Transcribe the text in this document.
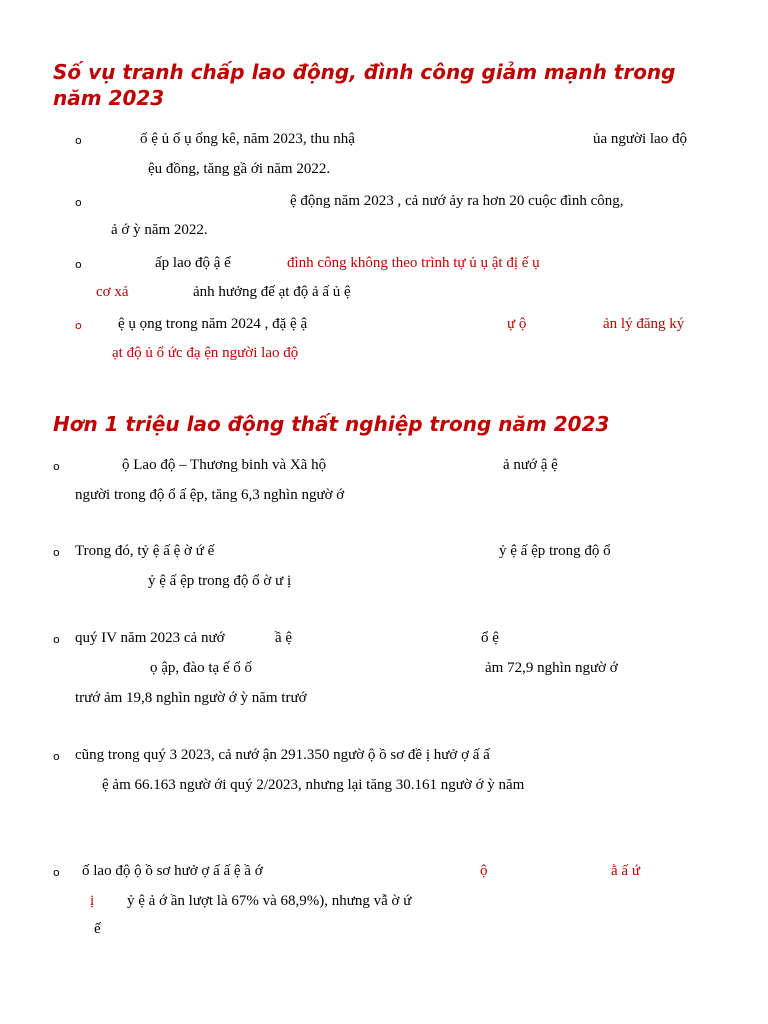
Số vụ tranh chấp lao động, đình công giảm mạnh trong
năm 2023
o	ố ệ ủ ổ ụ ống kê, năm 2023, thu nhậ	ủa người lao độ

ệu đồng, tăng gầ ới năm 2022.

o	ệ động năm 2023 , cả nướ ảy ra hơn 20 cuộc đình công,

ả ớ ỳ năm 2022.

o	ấp lao độ ậ ể	đình công không theo trình tự ủ ụ ật đị ế ụ

cơ xả	ảnh hưởng đế ạt độ ả ấ ủ ệ

o ệ ụ ọng trong năm 2024 , đặ ệ ậ	ự ộ	ản lý đăng ký

ạt độ ủ ổ ức đạ ện người lao độ

Hơn 1 triệu lao động thất nghiệp trong năm 2023
o	ộ Lao độ – Thương binh và Xã hộ	ả nướ ậ ệ

người trong độ ổ ấ ệp, tăng 6,3 nghìn ngườ ớ

o Trong đó, tỷ ệ ấ ệ ờ ứ ế	ỷ ệ ấ ệp trong độ ổ

ỷ ệ ấ ệp trong độ ổ ờ ư ị

o quý IV năm 2023 cả nướ	ầ ệ	ổ ệ

ọ ập, đào tạ ế ổ ố	ảm 72,9 nghìn ngườ ớ

trướ ảm 19,8 nghìn ngườ ớ ỳ năm trướ

o cũng trong quý 3 2023, cả nướ ận 291.350 ngườ ộ ồ sơ đề ị hưở ợ ấ ấ

ệ ảm 66.163 ngườ ới quý 2/2023, nhưng lại tăng 30.161 ngườ ớ ỳ năm

o ố lao độ ộ ồ sơ hưở ợ ấ ấ ệ ầ ớ	ộ	ằ ấ ứ

ị ỷ ệ ả ớ ần lượt là 67% và 68,9%), nhưng vẫ ờ ứ

ế
